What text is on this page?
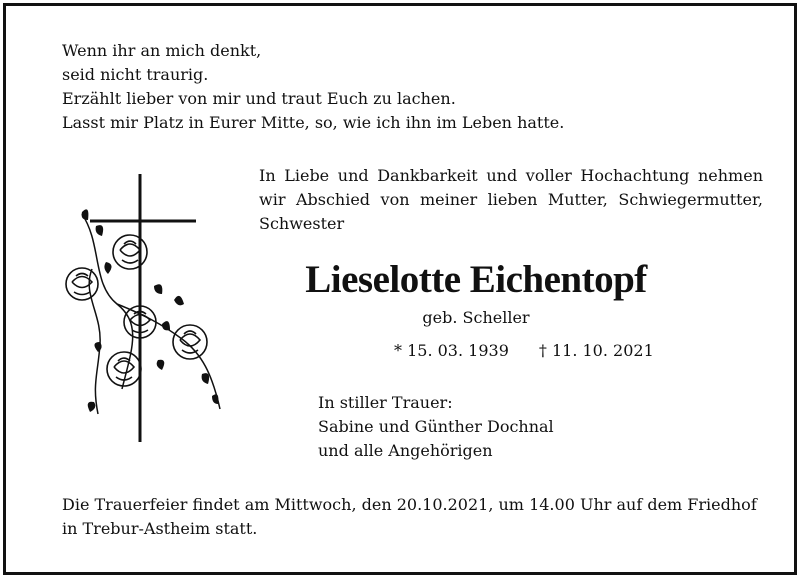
Wenn ihr an mich denkt,
seid nicht traurig.
Erzählt lieber von mir und traut Euch zu lachen.
Lasst mir Platz in Eurer Mitte, so, wie ich ihn im Leben hatte.
In Liebe und Dankbarkeit und voller Hochachtung nehmen wir Abschied von meiner lieben Mutter, Schwiegermutter, Schwester
Lieselotte Eichentopf
geb. Scheller
* 15. 03. 1939 † 11. 10. 2021
In stiller Trauer:
Sabine und Günther Dochnal
und alle Angehörigen
Die Trauerfeier findet am Mittwoch, den 20.10.2021, um 14.00 Uhr auf dem Friedhof
in Trebur-Astheim statt.
